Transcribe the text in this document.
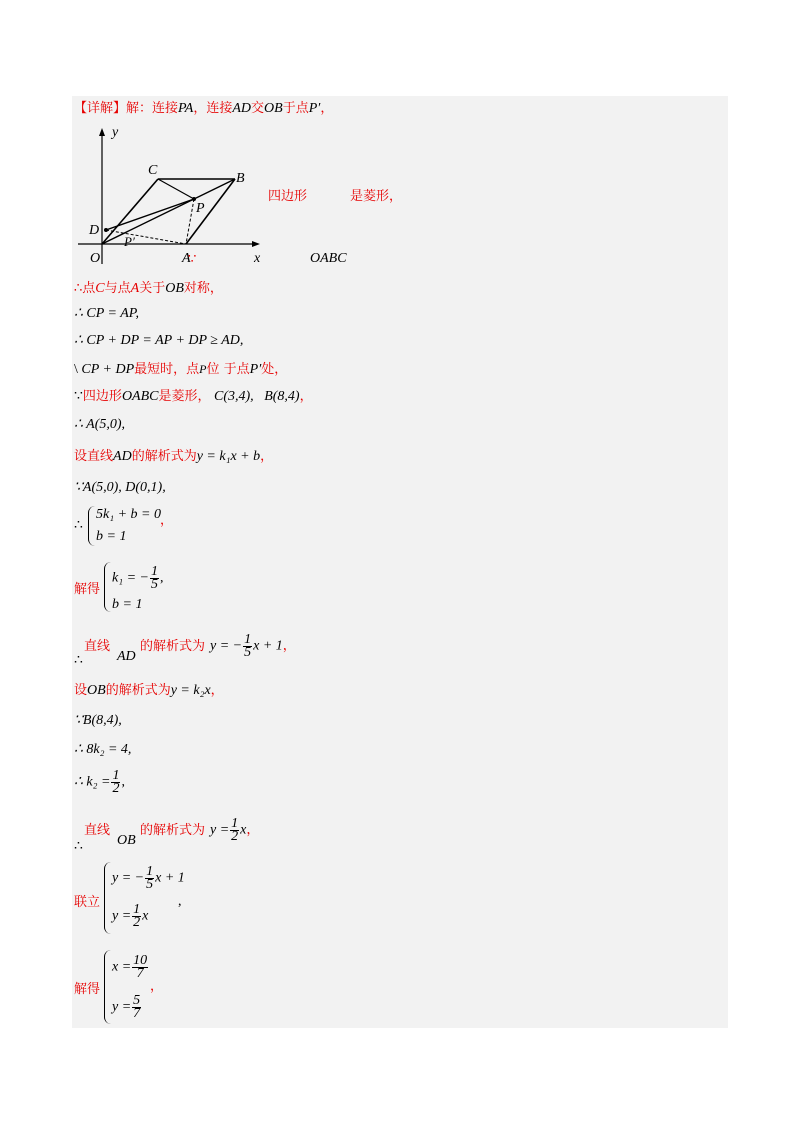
【详解】解：连接PA，连接AD交OB于点P′，
y
x
O	A
B
C
D
P
P′
∵
四边形	是菱形，
OABC
∴点C与点A关于OB对称，
∴ CP = AP,
∴ CP + DP = AP + DP ≥ AD,
\ CP + DP最短时，点P位 于点P′处，
∵四边形OABC是菱形， C(3,4), B(8,4)，
∴ A(5,0),
设直线AD的解析式为y = k₁x + b，
∵A(5,0), D(0,1),
∴
5k₁ + b = 0
b = 1
，
解得
k₁ = − $\frac{1}{5}$ ,
b = 1
∴
直线
AD
的解析式为 y = − $\frac{1}{5}$ x + 1，
设OB的解析式为y = k₂x，
∵B(8,4),
∴ 8k₂ = 4,
∴ $k_2 = \frac{1}{2}$ ,
∴
直线
OB
的解析式为 $y = \frac{1}{2}$ x，
联立
y = − $\frac{1}{5}$ x + 1
$y = \frac{1}{2}$ x
,
解得
$x = \frac{10}{7}$
$y = \frac{5}{7}$
，
